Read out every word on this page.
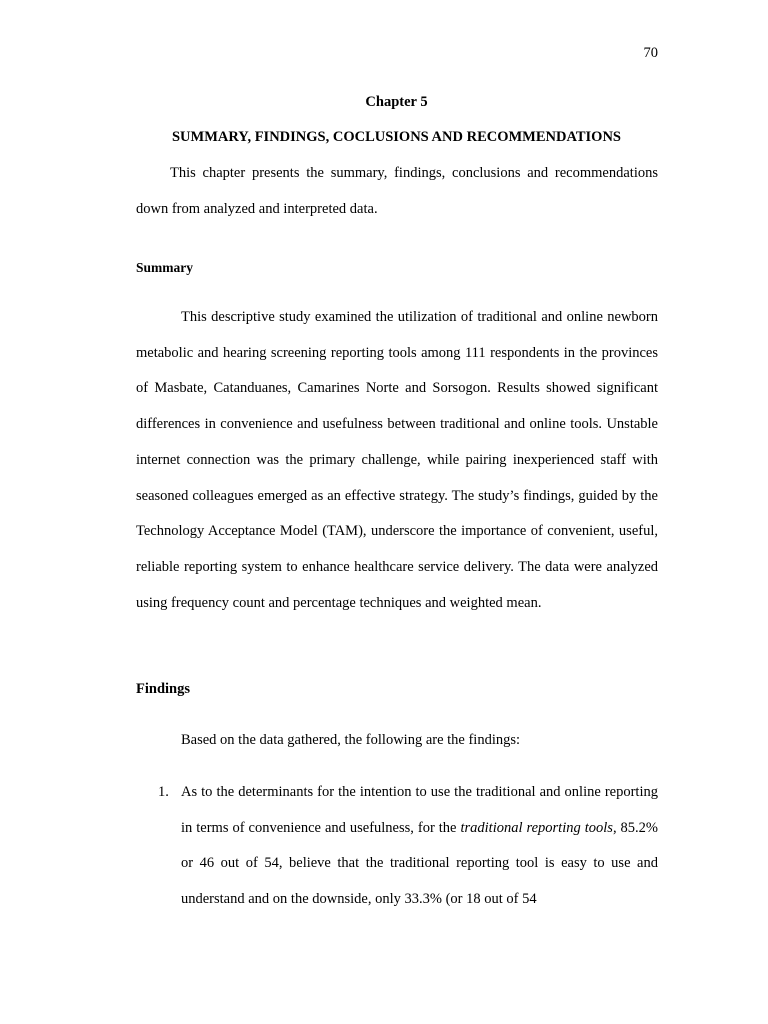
70
Chapter 5
SUMMARY, FINDINGS, COCLUSIONS AND RECOMMENDATIONS

This chapter presents the summary, findings, conclusions and recommendations down from analyzed and interpreted data.

Summary

This descriptive study examined the utilization of traditional and online newborn metabolic and hearing screening reporting tools among 111 respondents in the provinces of Masbate, Catanduanes, Camarines Norte and Sorsogon. Results showed significant differences in convenience and usefulness between traditional and online tools. Unstable internet connection was the primary challenge, while pairing inexperienced staff with seasoned colleagues emerged as an effective strategy. The study’s findings, guided by the Technology Acceptance Model (TAM), underscore the importance of convenient, useful, reliable reporting system to enhance healthcare service delivery. The data were analyzed using frequency count and percentage techniques and weighted mean.

Findings
Based on the data gathered, the following are the findings:
1. As to the determinants for the intention to use the traditional and online reporting in terms of convenience and usefulness, for the traditional reporting tools, 85.2% or 46 out of 54, believe that the traditional reporting tool is easy to use and understand and on the downside, only 33.3% (or 18 out of 54
